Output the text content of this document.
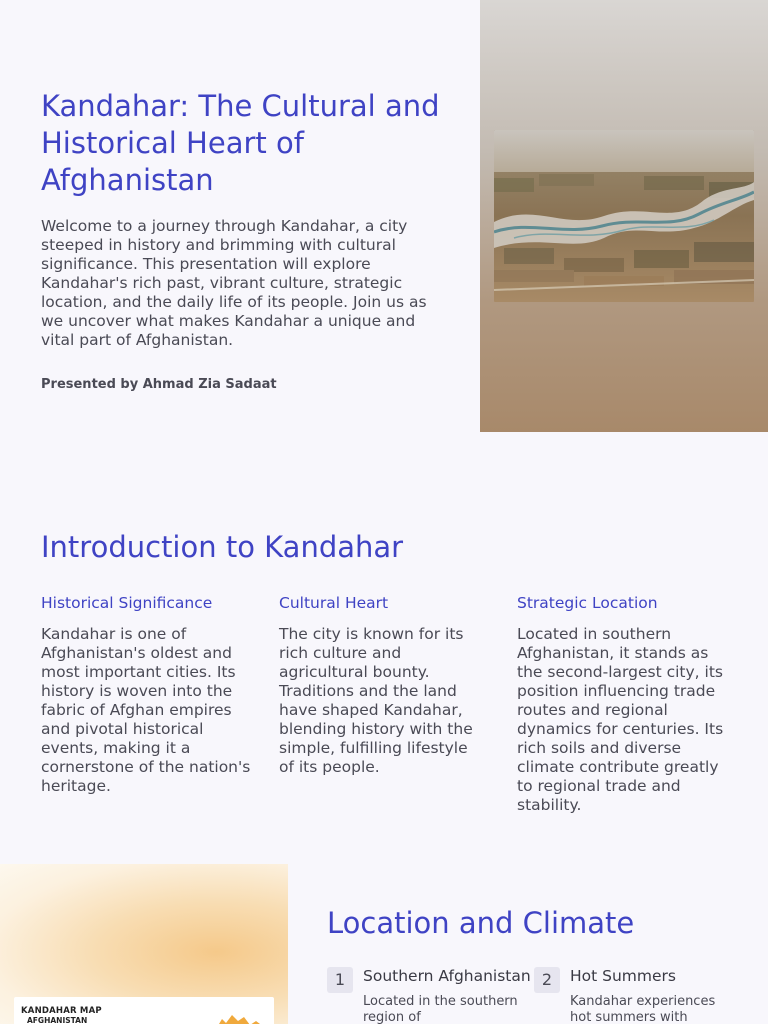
Kandahar: The Cultural and Historical Heart of Afghanistan

Welcome to a journey through Kandahar, a city steeped in history and brimming with cultural significance. This presentation will explore Kandahar's rich past, vibrant culture, strategic location, and the daily life of its people. Join us as we uncover what makes Kandahar a unique and vital part of Afghanistan.

Presented by Ahmad Zia Sadaat

Introduction to Kandahar
Historical Significance

Kandahar is one of Afghanistan's oldest and most important cities. Its history is woven into the fabric of Afghan empires and pivotal historical events, making it a cornerstone of the nation's heritage.

Cultural Heart

The city is known for its rich culture and agricultural bounty. Traditions and the land have shaped Kandahar, blending history with the simple, fulfilling lifestyle of its people.

Strategic Location

Located in southern Afghanistan, it stands as the second-largest city, its position influencing trade routes and regional dynamics for centuries. Its rich soils and diverse climate contribute greatly to regional trade and stability.

KANDAHAR MAP
AFGHANISTAN
Location and Climate
1	Southern Afghanistan
Located in the southern region of
2	Hot Summers
Kandahar experiences hot summers with
